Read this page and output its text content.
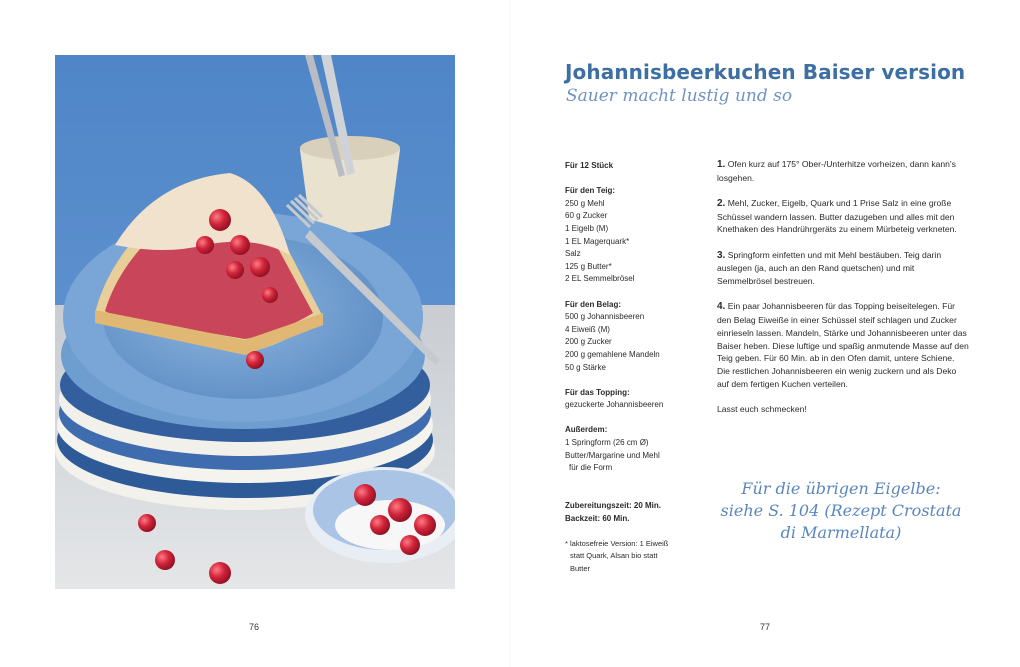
76
Johannisbeerkuchen Baiser version
Sauer macht lustig und so
Für 12 Stück
Für den Teig:
250 g Mehl
60 g Zucker
1 Eigelb (M)
1 EL Magerquark*
Salz
125 g Butter*
2 EL Semmelbrösel
Für den Belag:
500 g Johannisbeeren
4 Eiweiß (M)
200 g Zucker
200 g gemahlene Mandeln
50 g Stärke
Für das Topping:
gezuckerte Johannisbeeren
Außerdem:
1 Springform (26 cm Ø)
Butter/Margarine und Mehl
für die Form
Zubereitungszeit: 20 Min.
Backzeit: 60 Min.
* laktosefreie Version: 1 Eiweiß
statt Quark, Alsan bio statt
Butter

1. Ofen kurz auf 175° Ober-/Unterhitze vorheizen, dann kann's losgehen.

2. Mehl, Zucker, Eigelb, Quark und 1 Prise Salz in eine große Schüssel wandern lassen. Butter dazugeben und alles mit den Knethaken des Handrührgeräts zu einem Mürbeteig verkneten.

3. Springform einfetten und mit Mehl bestäuben. Teig darin auslegen (ja, auch an den Rand quetschen) und mit Semmelbrösel bestreuen.

4. Ein paar Johannisbeeren für das Topping beiseitelegen. Für den Belag Eiweiße in einer Schüssel steif schlagen und Zucker einrieseln lassen. Mandeln, Stärke und Johannisbeeren unter das Baiser heben. Diese luftige und spaßig anmutende Masse auf den Teig geben. Für 60 Min. ab in den Ofen damit, untere Schiene. Die restlichen Johannisbeeren ein wenig zuckern und als Deko auf dem fertigen Kuchen verteilen.

Lasst euch schmecken!

Für die übrigen Eigelbe:
siehe S. 104 (Rezept Crostata
di Marmellata)
77
